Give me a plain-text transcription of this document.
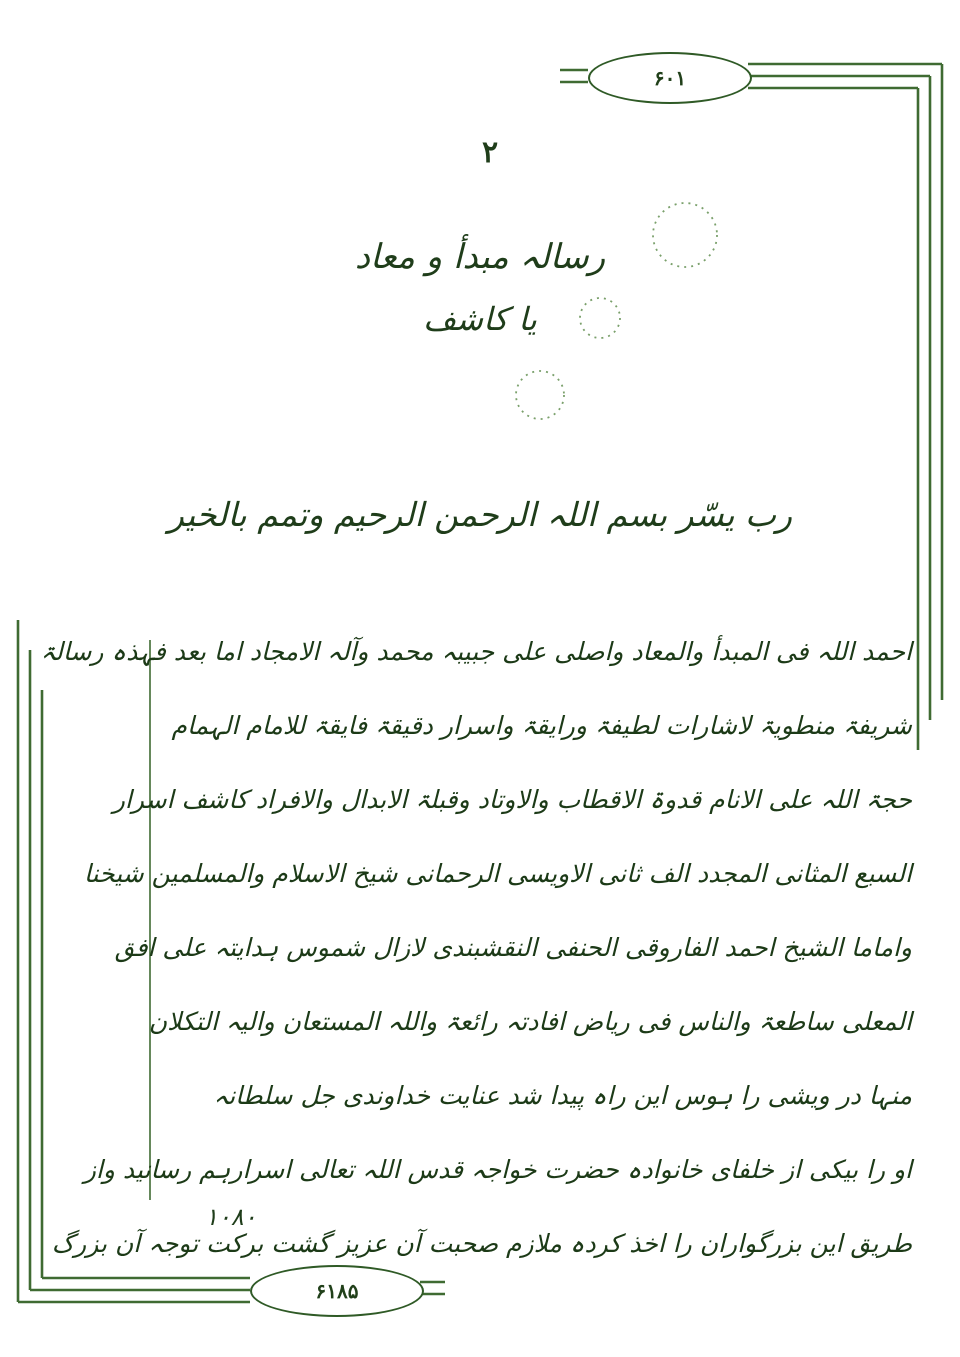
۶۰۱
۲
رسالہ مبدأ و معاد
یا کاشف
رب یسّر بسم اللہ الرحمن الرحیم وتمم بالخیر
احمد اللہ فی المبدأ والمعاد واصلی علی جبیبہ محمد وآلہ الامجاد اما بعد فہذہ رسالۃ
شریفۃ منطویۃ لاشارات لطیفۃ ورایقۃ واسرار دقیقۃ فایقۃ للامام الہمام
حجۃ اللہ علی الانام قدوۃ الاقطاب والاوتاد وقبلۃ الابدال والافراد کاشف اسرار
السبع المثانی المجدد الف ثانی الاویسی الرحمانی شیخ الاسلام والمسلمین شیخنا
واماما الشیخ احمد الفاروقی الحنفی النقشبندی لازال شموس ہدایتہ علی افق
المعلی ساطعۃ والناس فی ریاض افادتہ رائعۃ واللہ المستعان والیہ التکلان
منہا در ویشی را ہوس این راہ پیدا شد عنایت خداوندی جل سلطانہ
او را بیکی از خلفای خانوادہ حضرت خواجہ قدس اللہ تعالی اسرارہم رسانید واز
طریق این بزرگواران را اخذ کردہ ملازم صحبت آن عزیز گشت برکت توجہ آن بزرگ
۱۰۸۰
۶۱۸۵
